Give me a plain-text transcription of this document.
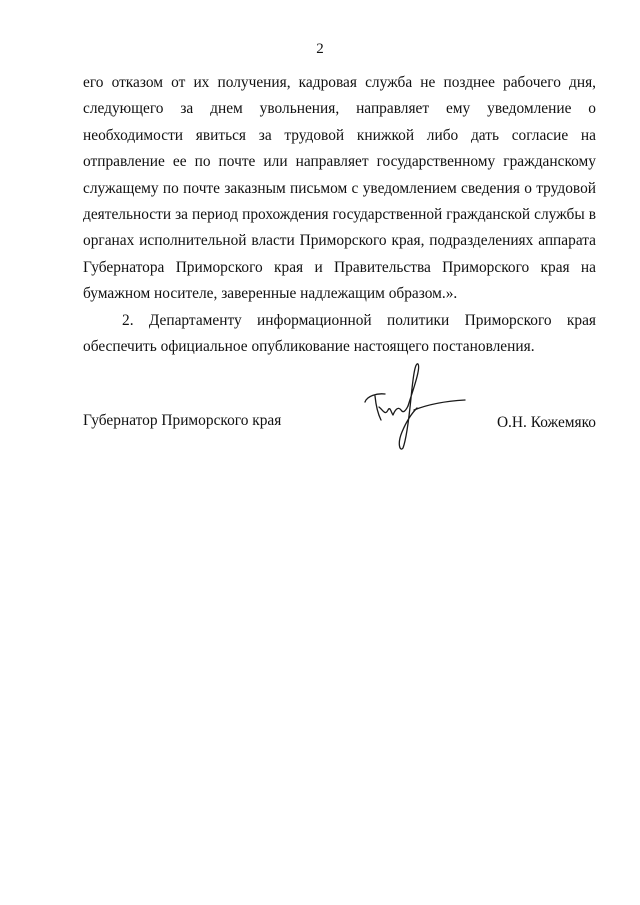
2

его отказом от их получения, кадровая служба не позднее рабочего дня, следующего за днем увольнения, направляет ему уведомление о необходимости явиться за трудовой книжкой либо дать согласие на отправление ее по почте или направляет государственному гражданскому служащему по почте заказным письмом с уведомлением сведения о трудовой деятельности за период прохождения государственной гражданской службы в органах исполнительной власти Приморского края, подразделениях аппарата Губернатора Приморского края и Правительства Приморского края на бумажном носителе, заверенные надлежащим образом.».

2. Департаменту информационной политики Приморского края обеспечить официальное опубликование настоящего постановления.

Губернатор Приморского края	О.Н. Кожемяко
